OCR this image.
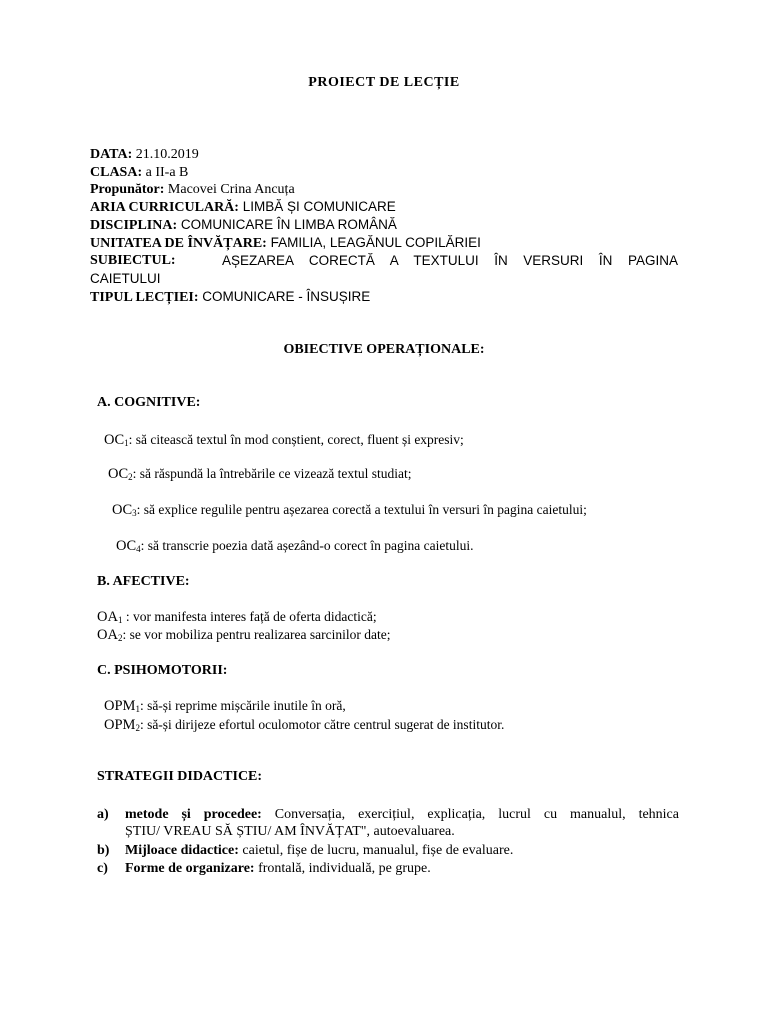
PROIECT DE LECȚIE
DATA: 21.10.2019
CLASA: a II-a B
Propunător: Macovei Crina Ancuța
ARIA CURRICULARĂ: LIMBĂ ȘI COMUNICARE
DISCIPLINA: COMUNICARE ÎN LIMBA ROMÂNĂ
UNITATEA DE ÎNVĂȚARE: FAMILIA, LEAGĂNUL COPILĂRIEI
SUBIECTUL:	AȘEZAREA CORECTĂ A TEXTULUI ÎN VERSURI ÎN PAGINA
CAIETULUI
TIPUL LECȚIEI: COMUNICARE - ÎNSUȘIRE
OBIECTIVE OPERAȚIONALE:
A. COGNITIVE:
$OC_1$: să citească textul în mod conștient, corect, fluent și expresiv;
$OC_2$: să răspundă la întrebările ce vizează textul studiat;
$OC_3$: să explice regulile pentru așezarea corectă a textului în versuri în pagina caietului;
$OC_4$: să transcrie poezia dată așezând-o corect în pagina caietului.
B. AFECTIVE:
$OA_1$ : vor manifesta interes față de oferta didactică;
$OA_2$: se vor mobiliza pentru realizarea sarcinilor date;
C. PSIHOMOTORII:
$OPM_1$: să-și reprime mișcările inutile în oră,
$OPM_2$: să-și dirijeze efortul oculomotor către centrul sugerat de institutor.
STRATEGII DIDACTICE:
a) metode și procedee: Conversația, exercițiul, explicația, lucrul cu manualul, tehnica
ȘTIU/ VREAU SĂ ȘTIU/ AM ÎNVĂȚAT", autoevaluarea.
b) Mijloace didactice: caietul, fișe de lucru, manualul, fișe de evaluare.
c) Forme de organizare: frontală, individuală, pe grupe.
